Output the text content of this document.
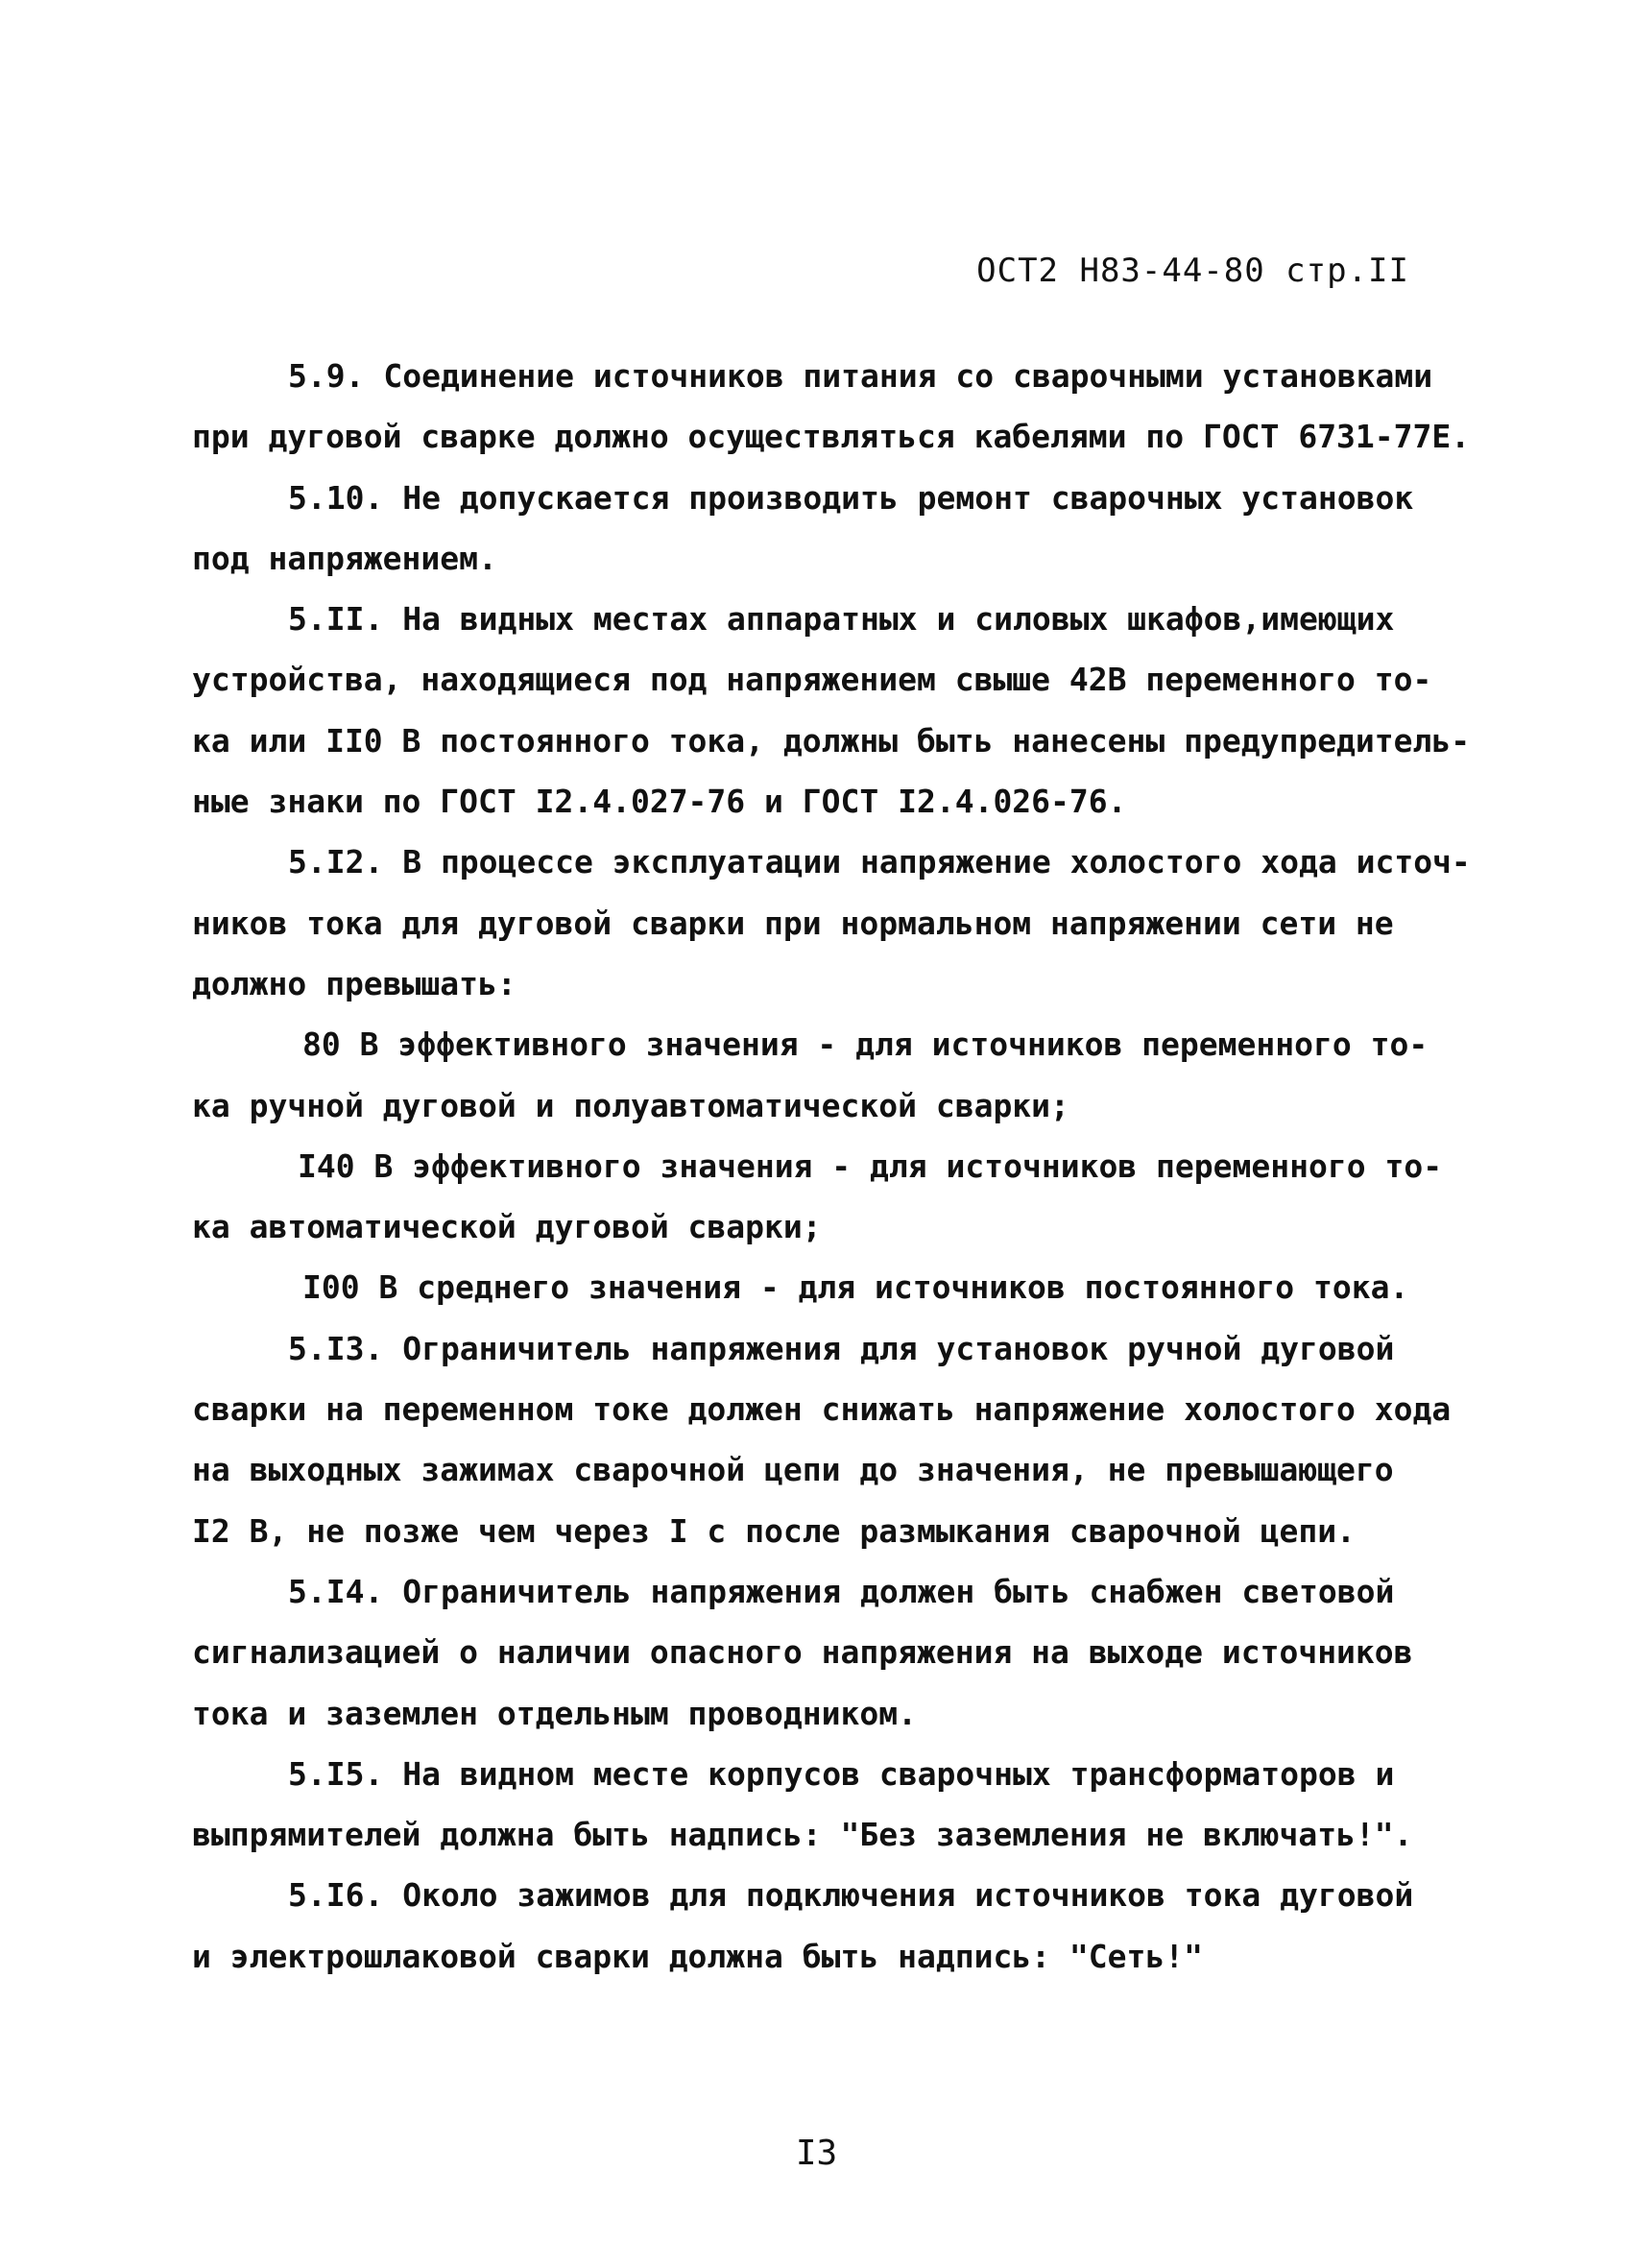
ОСТ2 Н83-44-80 стр.II
5.9. Соединение источников питания со сварочными установками
при дуговой сварке должно осуществляться кабелями по ГОСТ 6731-77Е.
5.10. Не допускается производить ремонт сварочных установок
под напряжением.
5.II. На видных местах аппаратных и силовых шкафов,имеющих
устройства, находящиеся под напряжением свыше 42В переменного то-
ка или II0 В постоянного тока, должны быть нанесены предупредитель-
ные знаки по ГОСТ I2.4.027-76 и ГОСТ I2.4.026-76.
5.I2. В процессе эксплуатации напряжение холостого хода источ-
ников тока для дуговой сварки при нормальном напряжении сети не
должно превышать:
80 В эффективного значения - для источников переменного то-
ка ручной дуговой и полуавтоматической сварки;
I40 В эффективного значения - для источников переменного то-
ка автоматической дуговой сварки;
I00 В среднего значения - для источников постоянного тока.
5.I3. Ограничитель напряжения для установок ручной дуговой
сварки на переменном токе должен снижать напряжение холостого хода
на выходных зажимах сварочной цепи до значения, не превышающего
I2 В, не позже чем через I с после размыкания сварочной цепи.
5.I4. Ограничитель напряжения должен быть снабжен световой
сигнализацией о наличии опасного напряжения на выходе источников
тока и заземлен отдельным проводником.
5.I5. На видном месте корпусов сварочных трансформаторов и
выпрямителей должна быть надпись: "Без заземления не включать!".
5.I6. Около зажимов для подключения источников тока дуговой
и электрошлаковой сварки должна быть надпись: "Сеть!"
I3
